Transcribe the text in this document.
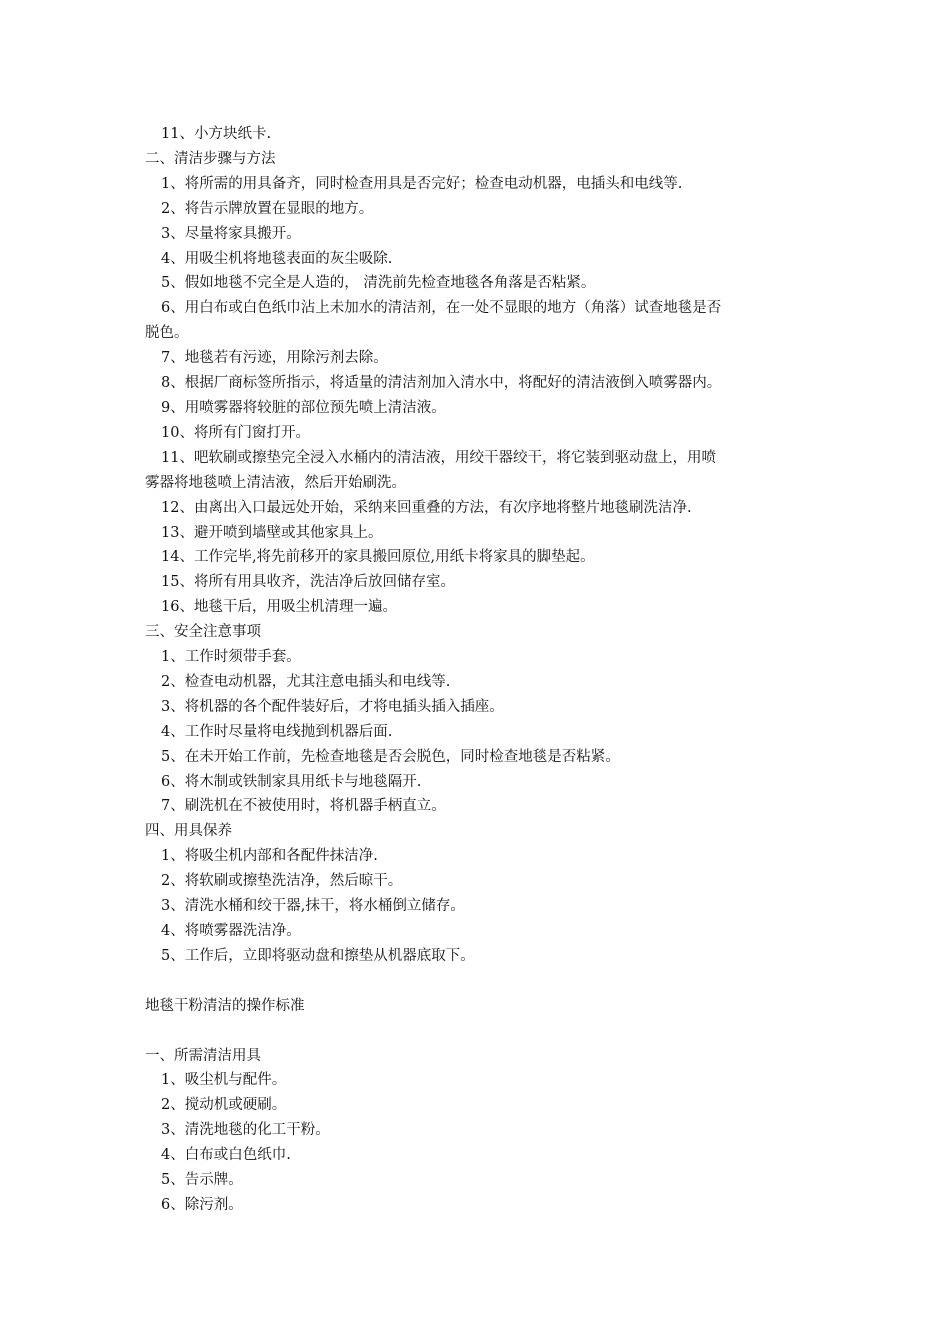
11、小方块纸卡.
二、清洁步骤与方法
1、将所需的用具备齐，同时检查用具是否完好；检查电动机器，电插头和电线等.
2、将告示牌放置在显眼的地方。
3、尽量将家具搬开。
4、用吸尘机将地毯表面的灰尘吸除.
5、假如地毯不完全是人造的， 清洗前先检查地毯各角落是否粘紧。
6、用白布或白色纸巾沾上未加水的清洁剂，在一处不显眼的地方（角落）试查地毯是否
脱色。
7、地毯若有污迹，用除污剂去除。
8、根据厂商标签所指示，将适量的清洁剂加入清水中，将配好的清洁液倒入喷雾器内。
9、用喷雾器将较脏的部位预先喷上清洁液。
10、将所有门窗打开。
11、吧软刷或擦垫完全浸入水桶内的清洁液，用绞干器绞干，将它装到驱动盘上，用喷
雾器将地毯喷上清洁液，然后开始刷洗。
12、由离出入口最远处开始，采纳来回重叠的方法，有次序地将整片地毯刷洗洁净.
13、避开喷到墙壁或其他家具上。
14、工作完毕,将先前移开的家具搬回原位,用纸卡将家具的脚垫起。
15、将所有用具收齐，洗洁净后放回储存室。
16、地毯干后，用吸尘机清理一遍。
三、安全注意事项
1、工作时须带手套。
2、检查电动机器，尤其注意电插头和电线等.
3、将机器的各个配件装好后，才将电插头插入插座。
4、工作时尽量将电线抛到机器后面.
5、在未开始工作前，先检查地毯是否会脱色，同时检查地毯是否粘紧。
6、将木制或铁制家具用纸卡与地毯隔开.
7、刷洗机在不被使用时，将机器手柄直立。
四、用具保养
1、将吸尘机内部和各配件抹洁净.
2、将软刷或擦垫洗洁净，然后晾干。
3、清洗水桶和绞干器,抹干，将水桶倒立储存。
4、将喷雾器洗洁净。
5、工作后，立即将驱动盘和擦垫从机器底取下。
地毯干粉清洁的操作标准
一、所需清洁用具
1、吸尘机与配件。
2、搅动机或硬刷。
3、清洗地毯的化工干粉。
4、白布或白色纸巾.
5、告示牌。
6、除污剂。
